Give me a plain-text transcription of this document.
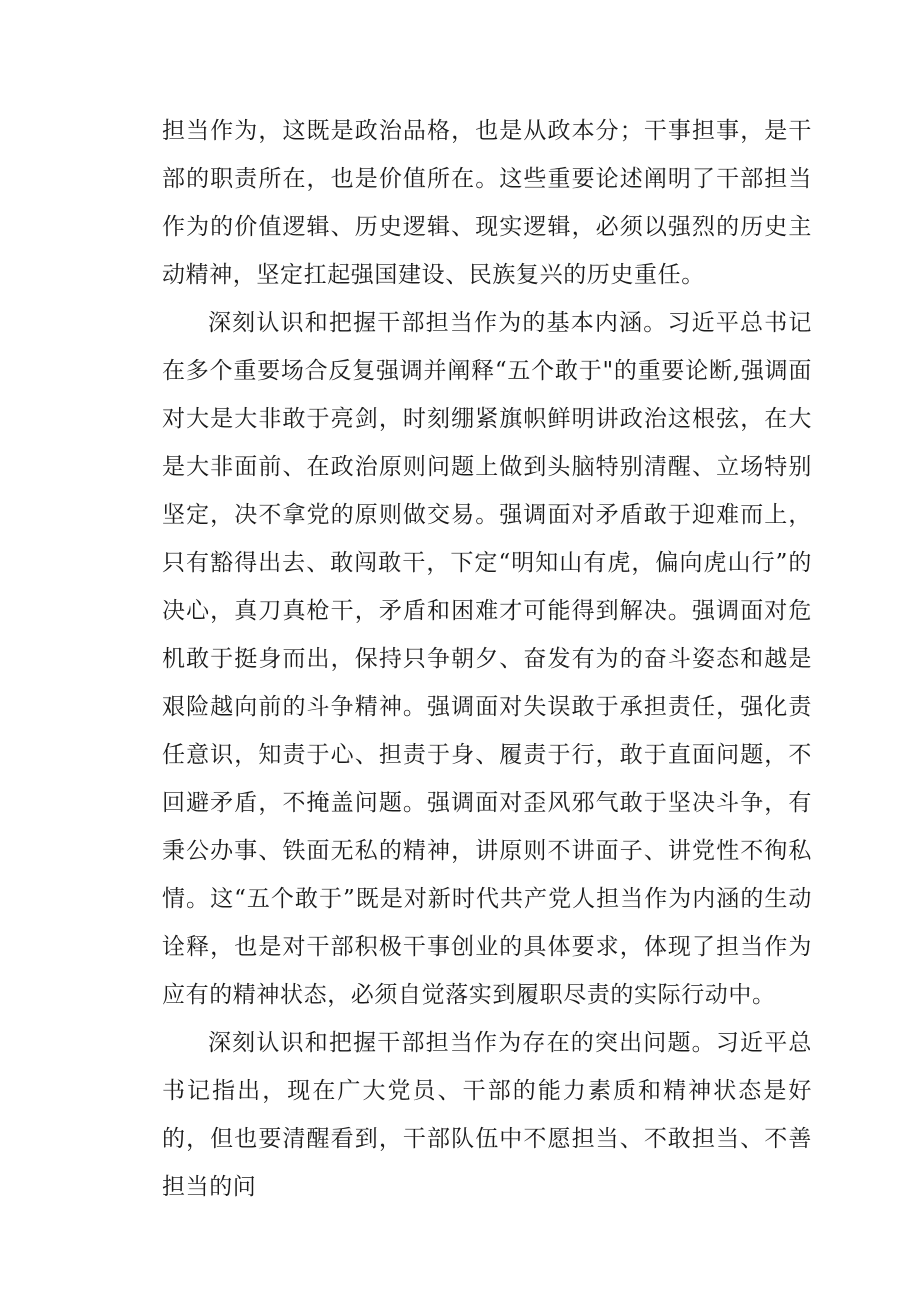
担当作为，这既是政治品格，也是从政本分；干事担事，是干部的职责所在，也是价值所在。这些重要论述阐明了干部担当作为的价值逻辑、历史逻辑、现实逻辑，必须以强烈的历史主动精神，坚定扛起强国建设、民族复兴的历史重任。

深刻认识和把握干部担当作为的基本内涵。习近平总书记在多个重要场合反复强调并阐释“五个敢于"的重要论断,强调面对大是大非敢于亮剑，时刻绷紧旗帜鲜明讲政治这根弦，在大是大非面前、在政治原则问题上做到头脑特别清醒、立场特别坚定，决不拿党的原则做交易。强调面对矛盾敢于迎难而上，只有豁得出去、敢闯敢干，下定“明知山有虎，偏向虎山行”的决心，真刀真枪干，矛盾和困难才可能得到解决。强调面对危机敢于挺身而出，保持只争朝夕、奋发有为的奋斗姿态和越是艰险越向前的斗争精神。强调面对失误敢于承担责任，强化责任意识，知责于心、担责于身、履责于行，敢于直面问题，不回避矛盾，不掩盖问题。强调面对歪风邪气敢于坚决斗争，有秉公办事、铁面无私的精神，讲原则不讲面子、讲党性不徇私情。这“五个敢于”既是对新时代共产党人担当作为内涵的生动诠释，也是对干部积极干事创业的具体要求，体现了担当作为应有的精神状态，必须自觉落实到履职尽责的实际行动中。

深刻认识和把握干部担当作为存在的突出问题。习近平总书记指出，现在广大党员、干部的能力素质和精神状态是好的，但也要清醒看到，干部队伍中不愿担当、不敢担当、不善担当的问
